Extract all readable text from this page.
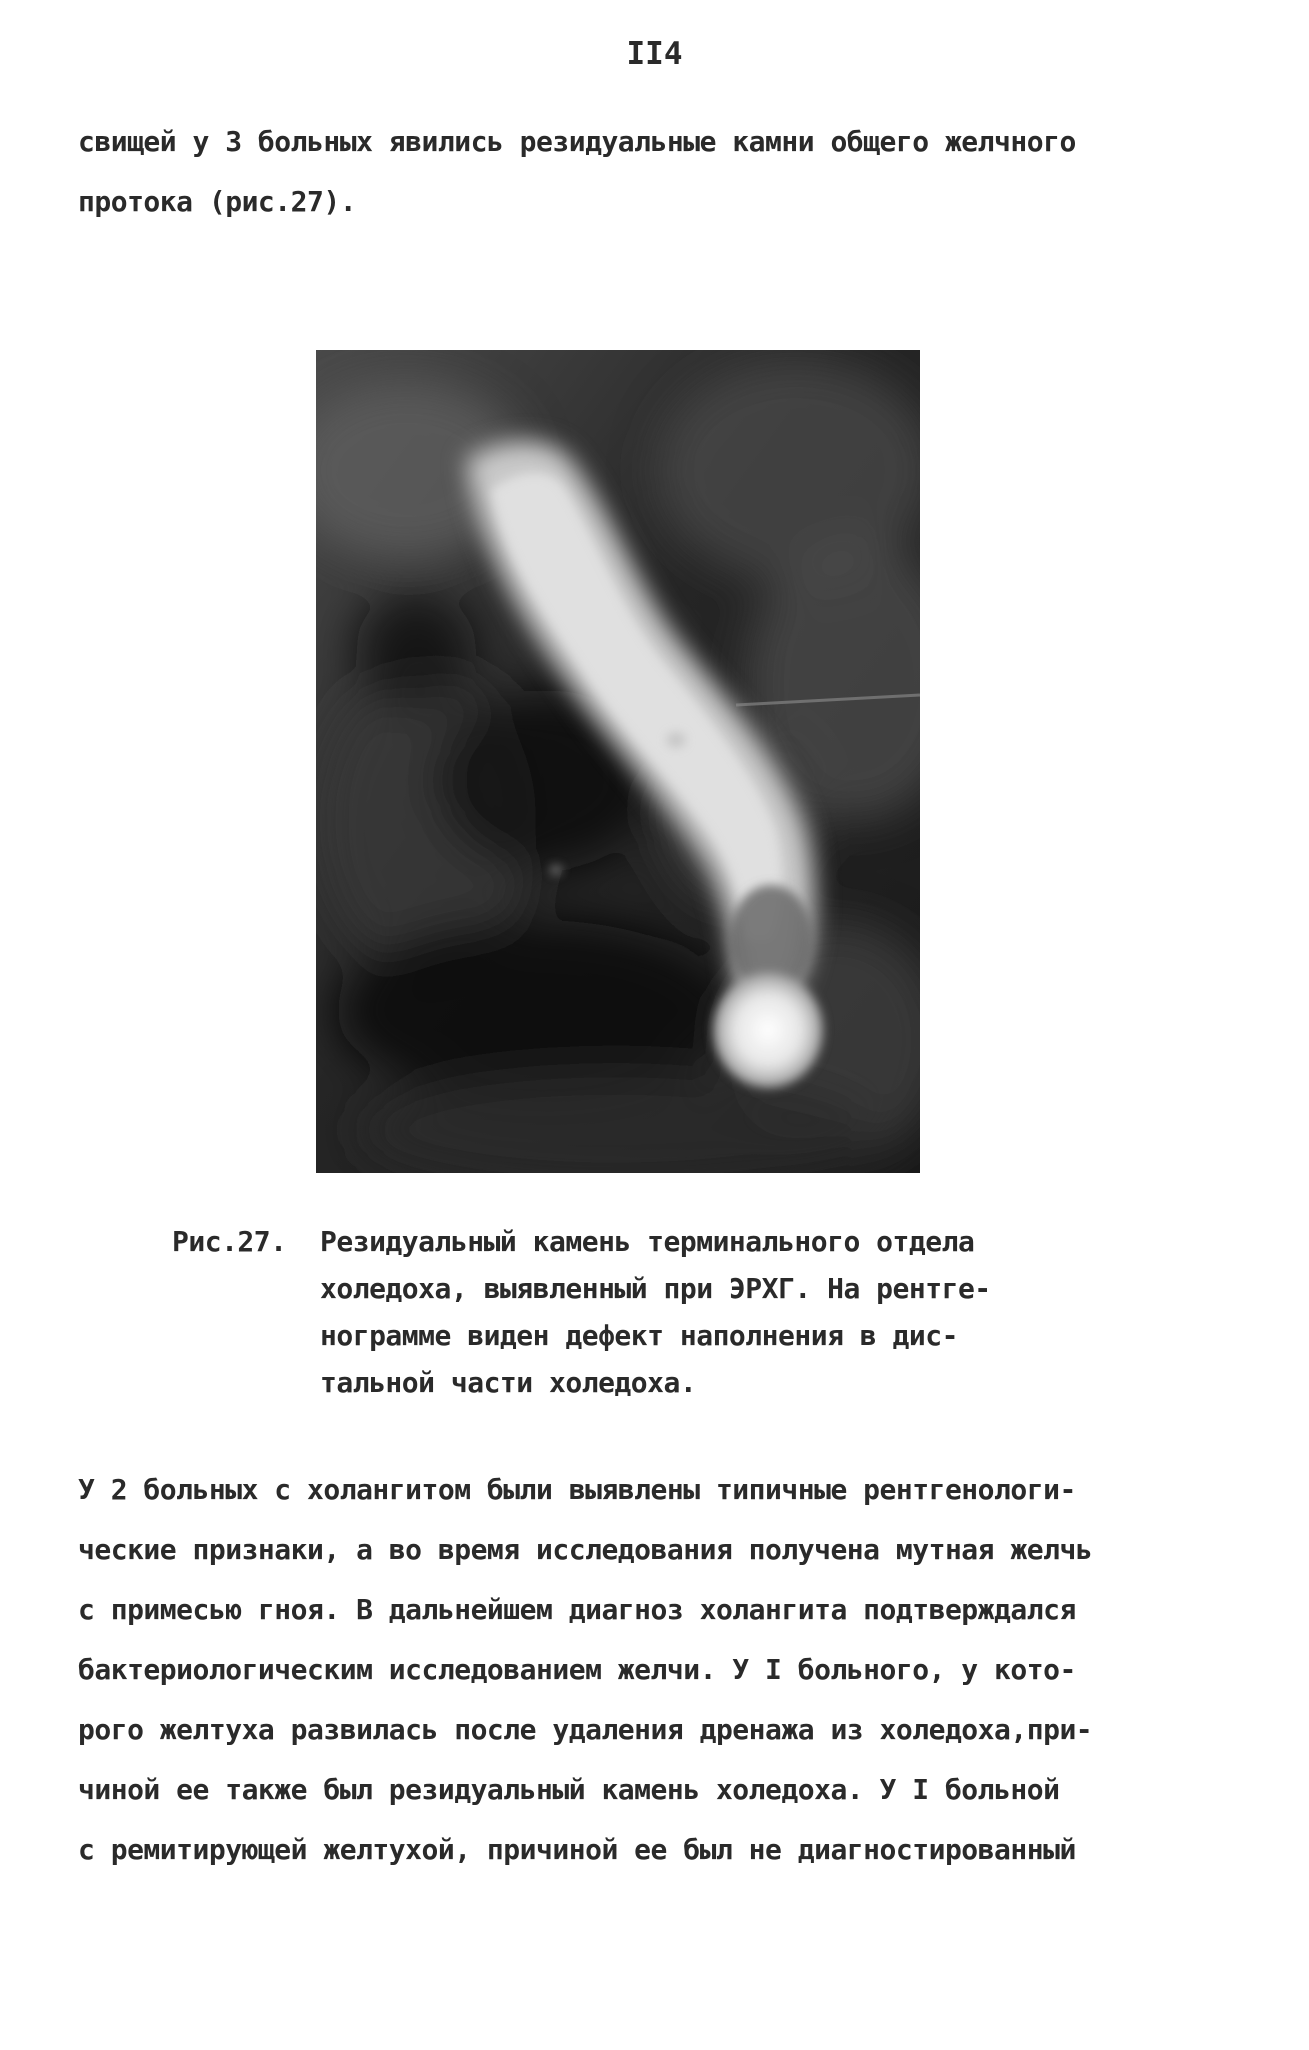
II4
свищей у 3 больных явились резидуальные камни общего желчного
протока (рис.27).
Рис.27.	Резидуальный камень терминального отдела
холедоха, выявленный при ЭРХГ. На рентге-
нограмме виден дефект наполнения в дис-
тальной части холедоха.
У 2 больных с холангитом были выявлены типичные рентгенологи-
ческие признаки, а во время исследования получена мутная желчь
с примесью гноя. В дальнейшем диагноз холангита подтверждался
бактериологическим исследованием желчи. У I больного, у кото-
рого желтуха развилась после удаления дренажа из холедоха,при-
чиной ее также был резидуальный камень холедоха. У I больной
с ремитирующей желтухой, причиной ее был не диагностированный
